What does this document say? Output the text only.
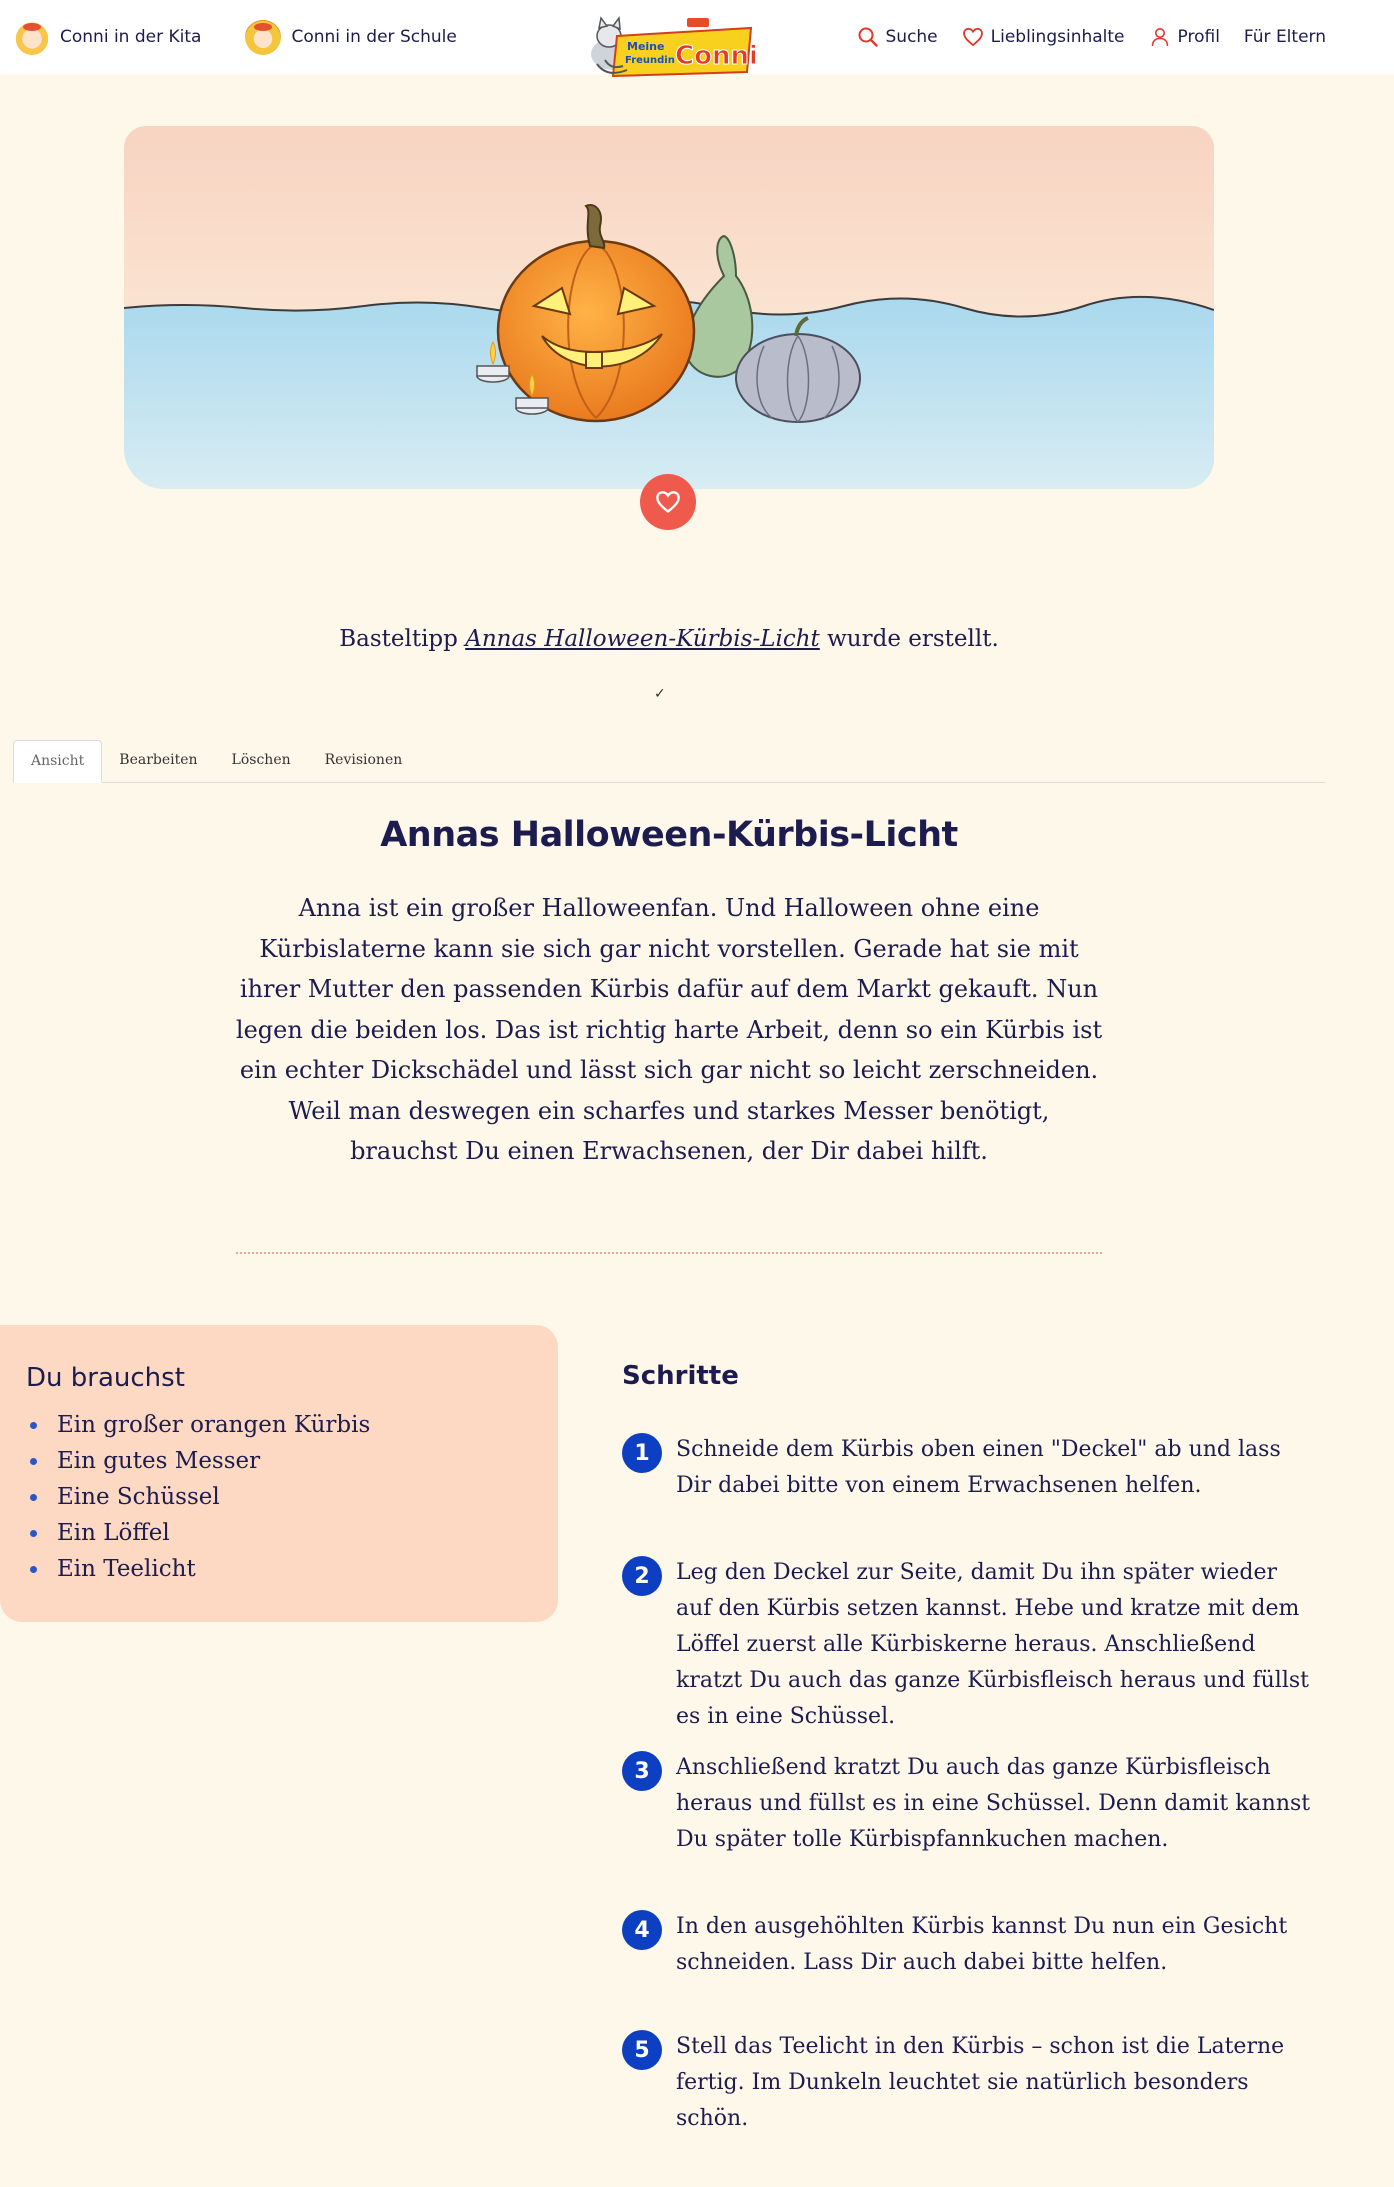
Conni in der Kita	Conni in der Schule	Meine
Freundin Conni
Suche	Lieblingsinhalte	Profil Für Eltern
Basteltipp Annas Halloween-Kürbis-Licht wurde erstellt.
✓
Ansicht	Bearbeiten	Löschen	Revisionen
Annas Halloween-Kürbis-Licht

Anna ist ein großer Halloweenfan. Und Halloween ohne eine Kürbislaterne kann sie sich gar nicht vorstellen. Gerade hat sie mit ihrer Mutter den passenden Kürbis dafür auf dem Markt gekauft. Nun legen die beiden los. Das ist richtig harte Arbeit, denn so ein Kürbis ist ein echter Dickschädel und lässt sich gar nicht so leicht zerschneiden. Weil man deswegen ein scharfes und starkes Messer benötigt, brauchst Du einen Erwachsenen, der Dir dabei hilft.

Du brauchst
Ein großer orangen Kürbis
Ein gutes Messer
Eine Schüssel
Ein Löffel
Ein Teelicht
Schritte
1	Schneide dem Kürbis oben einen "Deckel" ab und lass Dir dabei bitte von einem Erwachsenen helfen.

2	Leg den Deckel zur Seite, damit Du ihn später wieder auf den Kürbis setzen kannst. Hebe und kratze mit dem Löffel zuerst alle Kürbiskerne heraus. Anschließend kratzt Du auch das ganze Kürbisfleisch heraus und füllst es in eine Schüssel.

3	Anschließend kratzt Du auch das ganze Kürbisfleisch heraus und füllst es in eine Schüssel. Denn damit kannst Du später tolle Kürbispfannkuchen machen.

4	In den ausgehöhlten Kürbis kannst Du nun ein Gesicht schneiden. Lass Dir auch dabei bitte helfen.

5	Stell das Teelicht in den Kürbis – schon ist die Laterne fertig. Im Dunkeln leuchtet sie natürlich besonders schön.
